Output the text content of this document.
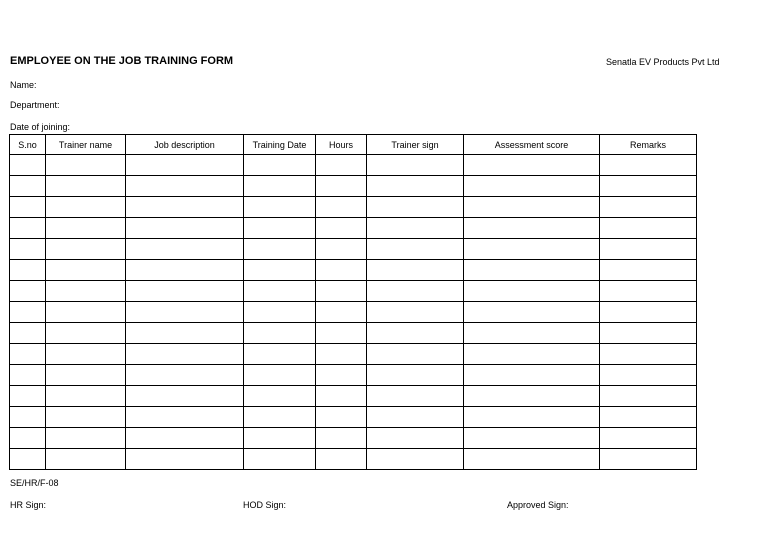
EMPLOYEE ON THE JOB TRAINING FORM	Senatla EV Products Pvt Ltd
Name:
Department:
Date of joining:
S.no	Trainer name	Job description	Training Date	Hours	Trainer sign	Assessment score	Remarks

SE/HR/F-08
HR Sign:	HOD Sign:	Approved Sign:
